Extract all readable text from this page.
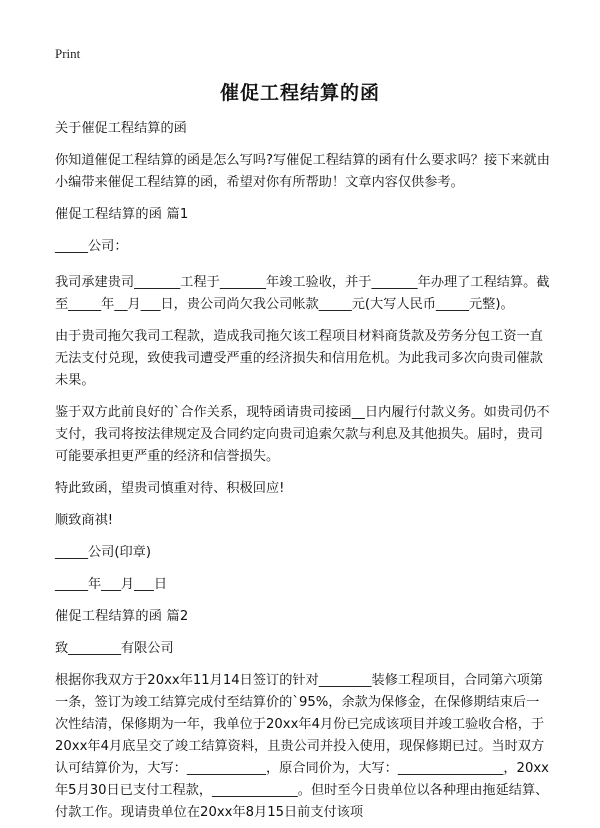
Print
催促工程结算的函

关于催促工程结算的函

你知道催促工程结算的函是怎么写吗?写催促工程结算的函有什么要求吗？接下来就由小编带来催促工程结算的函，希望对你有所帮助！文章内容仅供参考。

催促工程结算的函 篇1

_____公司：

我司承建贵司_______工程于_______年竣工验收，并于_______年办理了工程结算。截至_____年__月___日，贵公司尚欠我公司帐款_____元(大写人民币_____元整)。

由于贵司拖欠我司工程款，造成我司拖欠该工程项目材料商货款及劳务分包工资一直无法支付兑现，致使我司遭受严重的经济损失和信用危机。为此我司多次向贵司催款未果。

鉴于双方此前良好的`合作关系，现特函请贵司接函__日内履行付款义务。如贵司仍不支付，我司将按法律规定及合同约定向贵司追索欠款与利息及其他损失。届时，贵司可能要承担更严重的经济和信誉损失。

特此致函，望贵司慎重对待、积极回应!

顺致商祺!

_____公司(印章)

_____年___月___日

催促工程结算的函 篇2

致________有限公司

根据你我双方于20xx年11月14日签订的针对________装修工程项目，合同第六项第一条，签订为竣工结算完成付至结算价的`95%，余款为保修金，在保修期结束后一次性结清，保修期为一年，我单位于20xx年4月份已完成该项目并竣工验收合格，于20xx年4月底呈交了竣工结算资料，且贵公司并投入使用，现保修期已过。当时双方认可结算价为，大写：____________，原合同价为，大写：________________，20xx年5月30日已支付工程款，_____________。但时至今日贵单位以各种理由拖延结算、付款工作。现请贵单位在20xx年8月15日前支付该项
